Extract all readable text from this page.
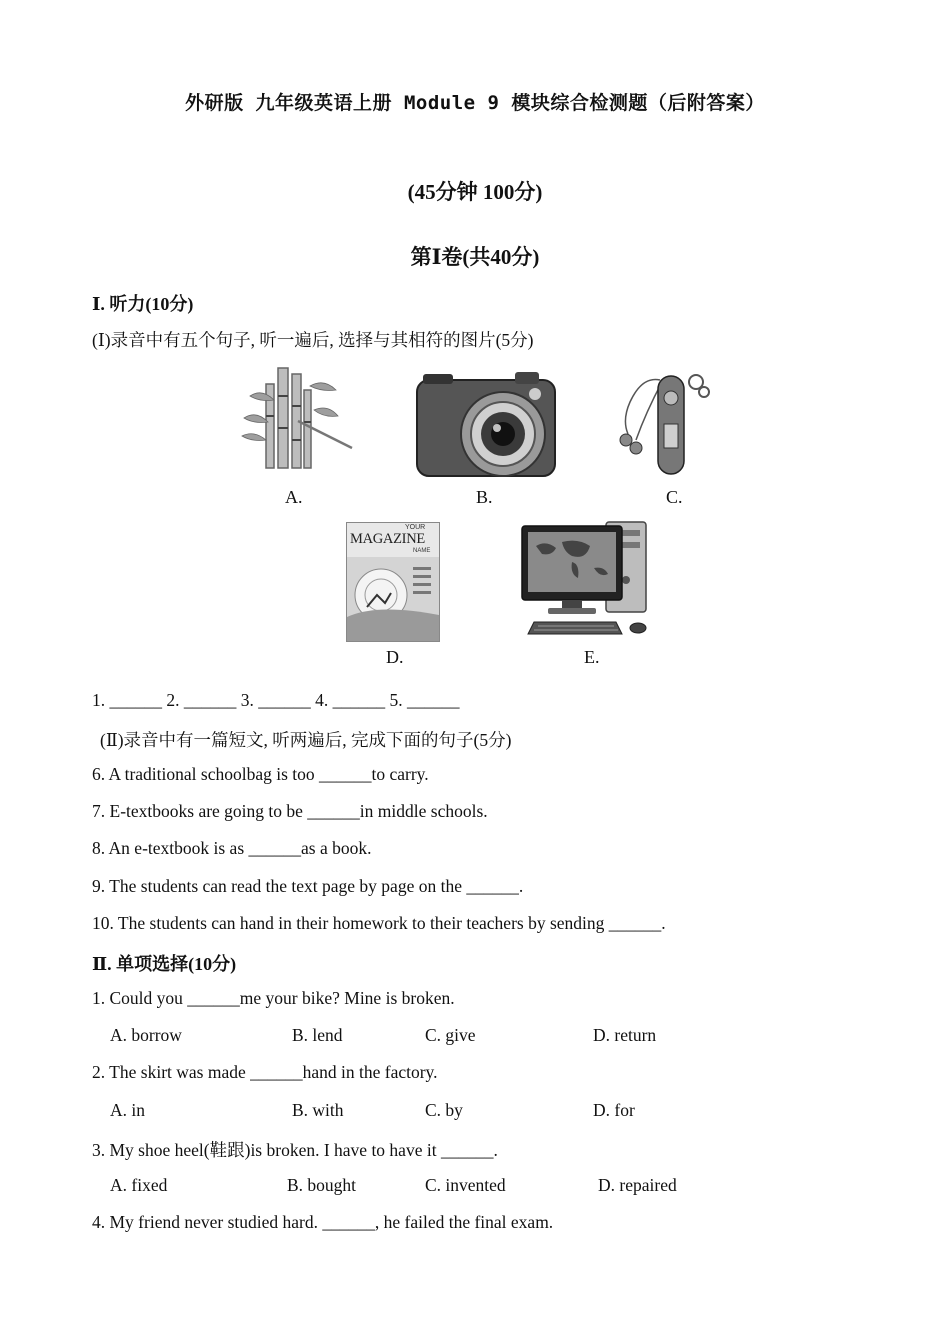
外研版 九年级英语上册 Module 9 模块综合检测题（后附答案）
(45分钟 100分)
第Ⅰ卷(共40分)
Ⅰ. 听力(10分)
(Ⅰ)录音中有五个句子, 听一遍后, 选择与其相符的图片(5分)
A.	B.	C.
YOUR
MAGAZINE
NAME
D.	E.
1. ______ 2. ______ 3. ______ 4. ______ 5. ______
(Ⅱ)录音中有一篇短文, 听两遍后, 完成下面的句子(5分)
6. A traditional schoolbag is too ______to carry.
7. E-textbooks are going to be ______in middle schools.
8. An e-textbook is as ______as a book.
9. The students can read the text page by page on the ______.
10. The students can hand in their homework to their teachers by sending ______.
Ⅱ. 单项选择(10分)
1. Could you ______me your bike? Mine is broken.
A. borrow	B. lend	C. give	D. return
2. The skirt was made ______hand in the factory.
A. in	B. with	C. by	D. for
3. My shoe heel(鞋跟)is broken. I have to have it ______.
A. fixed	B. bought	C. invented	D. repaired
4. My friend never studied hard. ______, he failed the final exam.
